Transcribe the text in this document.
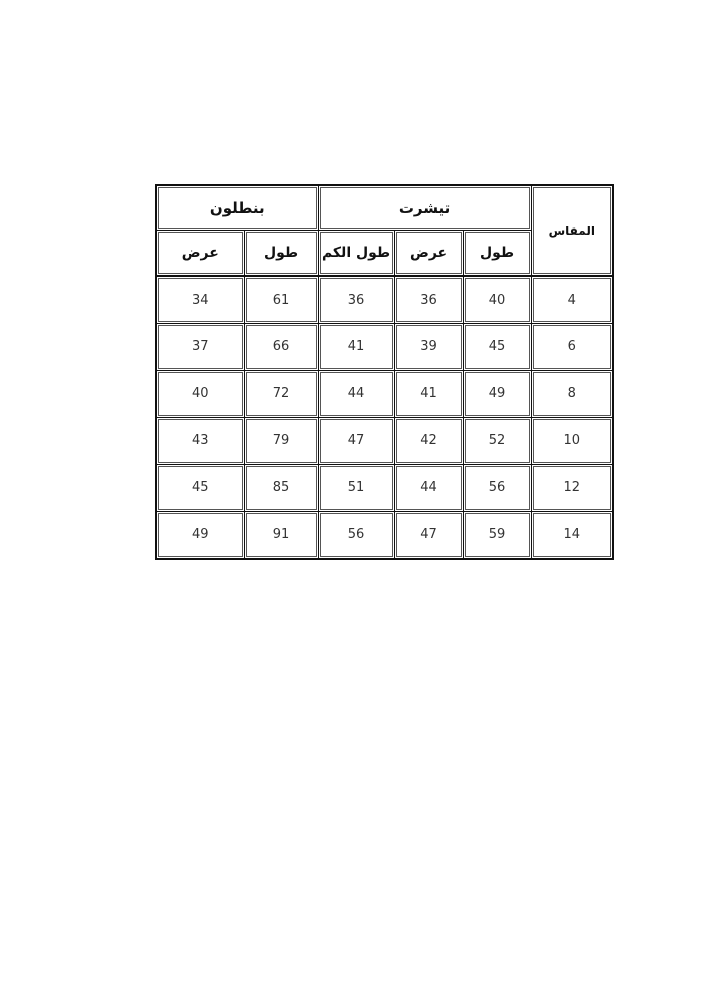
المقاس	تيشرت			بنطلون	
	طول	عرض	طول الكم	طول	عرض
4	40	36	36	61	34
6	45	39	41	66	37
8	49	41	44	72	40
10	52	42	47	79	43
12	56	44	51	85	45
14	59	47	56	91	49
